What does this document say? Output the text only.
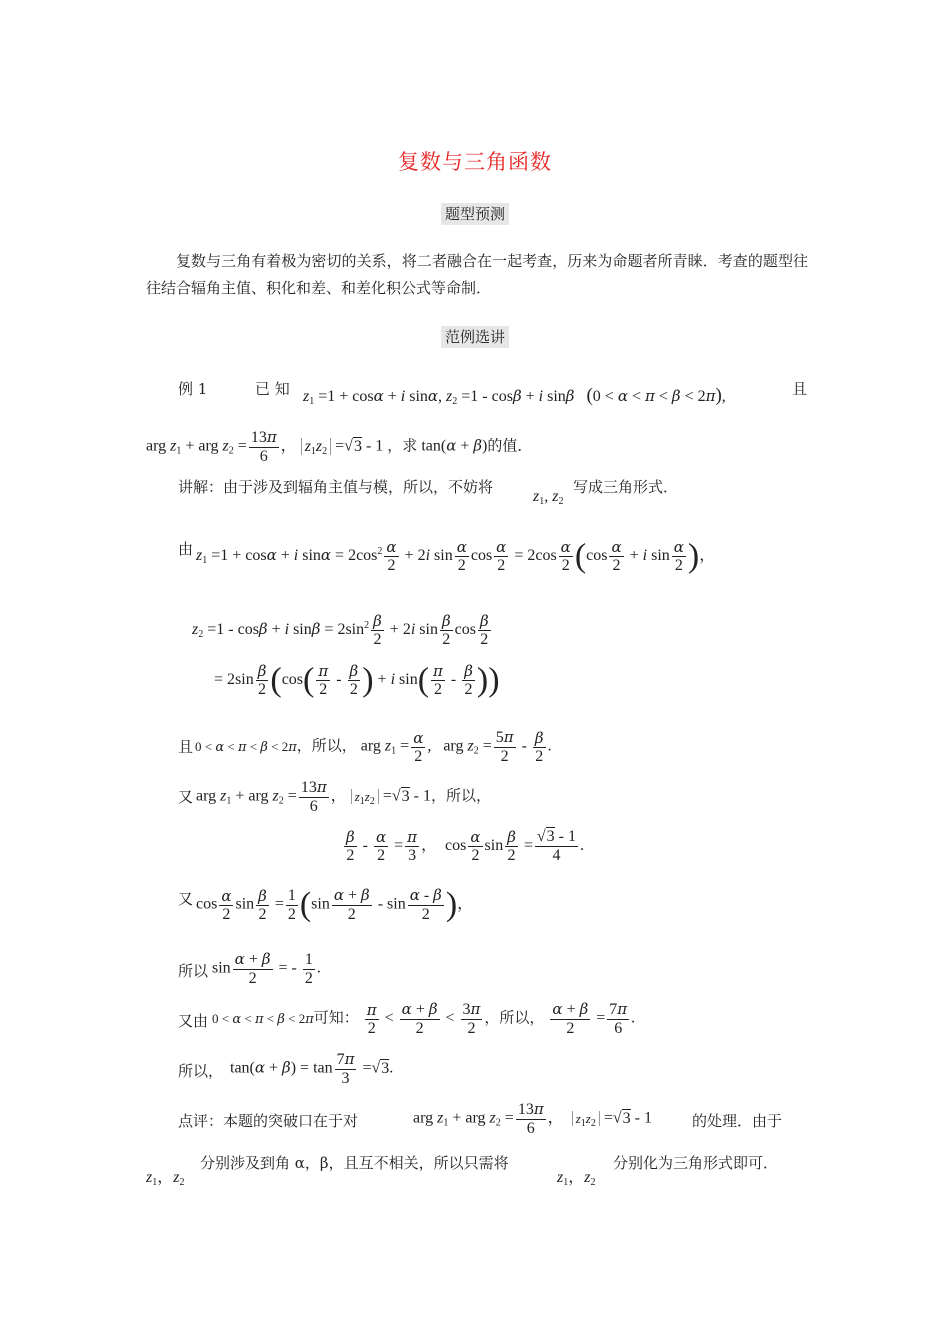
复数与三角函数
题型预测
复数与三角有着极为密切的关系，将二者融合在一起考查，历来为命题者所青睐．考查的题型往往结合辐角主值、积化和差、和差化积公式等命制．
范例选讲
例 1	已 知 $z_1 =1 + \cos\alpha + i$ sinα, $z_2 =1 - \cos\beta + i$ sinβ (0 < α < π < β < 2π),	且
arg $z_1$ + arg $z_2 = \frac{13\pi}{6}$ ， $z_1z_2 =√3 - 1$ ，求 tan(α + β)的值．
讲解：由于涉及到辐角主值与模，所以，不妨将
$z_1$, $z_2$
写成三角形式．
由 $z_1 =1 + \cos\alpha + i$ $\sin\alpha = 2\cos^2 \frac{\alpha}{2} + 2i$ $\sin \frac{\alpha}{2}$ $\cos \frac{\alpha}{2} = 2\cos \frac{\alpha}{2} (\cos \frac{\alpha}{2} + i$ $\sin \frac{\alpha}{2}$ )，
$z_2 =1 - \cos\beta + i$ $\sin\beta = 2\sin^2 \frac{\beta}{2} + 2i$ $\sin \frac{\beta}{2}$ $\cos \frac{\beta}{2}$
= $2\sin \frac{\beta}{2} (\cos( \frac{\pi}{2} - \frac{\beta}{2}$ ) + i $\sin( \frac{\pi}{2} - \frac{\beta}{2}$ ))
且 0 < α < π < β < 2π，所以， arg $z_1 = \frac{\alpha}{2}$ ,   arg $z_2 = \frac{5\pi}{2} - \frac{\beta}{2}$ .
又 arg $z_1$ + arg $z_2 = \frac{13\pi}{6}$ ， $z_1z_2 =√3 - 1$，所以，
$\frac{\beta}{2} - \frac{\alpha}{2} = \frac{\pi}{3}$ ，  $\cos \frac{\alpha}{2}$ $\sin \frac{\beta}{2} = \frac{√3 - 1}{4}$ .
又 $\cos \frac{\alpha}{2}$ $\sin \frac{\beta}{2} = \frac{1}{2} (\sin \frac{\alpha + \beta}{2} - \sin \frac{\alpha - \beta}{2}$ )，
所以 $\sin \frac{\alpha + \beta}{2}$ = - $\frac{1}{2}$ .
又由 0 < α < π < β < 2π可知： $\frac{\pi}{2} < \frac{\alpha + \beta}{2} < \frac{3\pi}{2}$ ，所以， $\frac{\alpha + \beta}{2} = \frac{7\pi}{6}$ .
所以， $\tan(\alpha + \beta) = \tan \frac{7\pi}{3} =√3$.
点评：本题的突破口在于对	arg $z_1$ + arg $z_2 = \frac{13\pi}{6}$ ，  $z_1z_2 =√3 - 1$	的处理．由于
$z_1$，$z_2$
分别涉及到角 α，β，且互不相关，所以只需将
$z_1$，$z_2$
分别化为三角形式即可．
